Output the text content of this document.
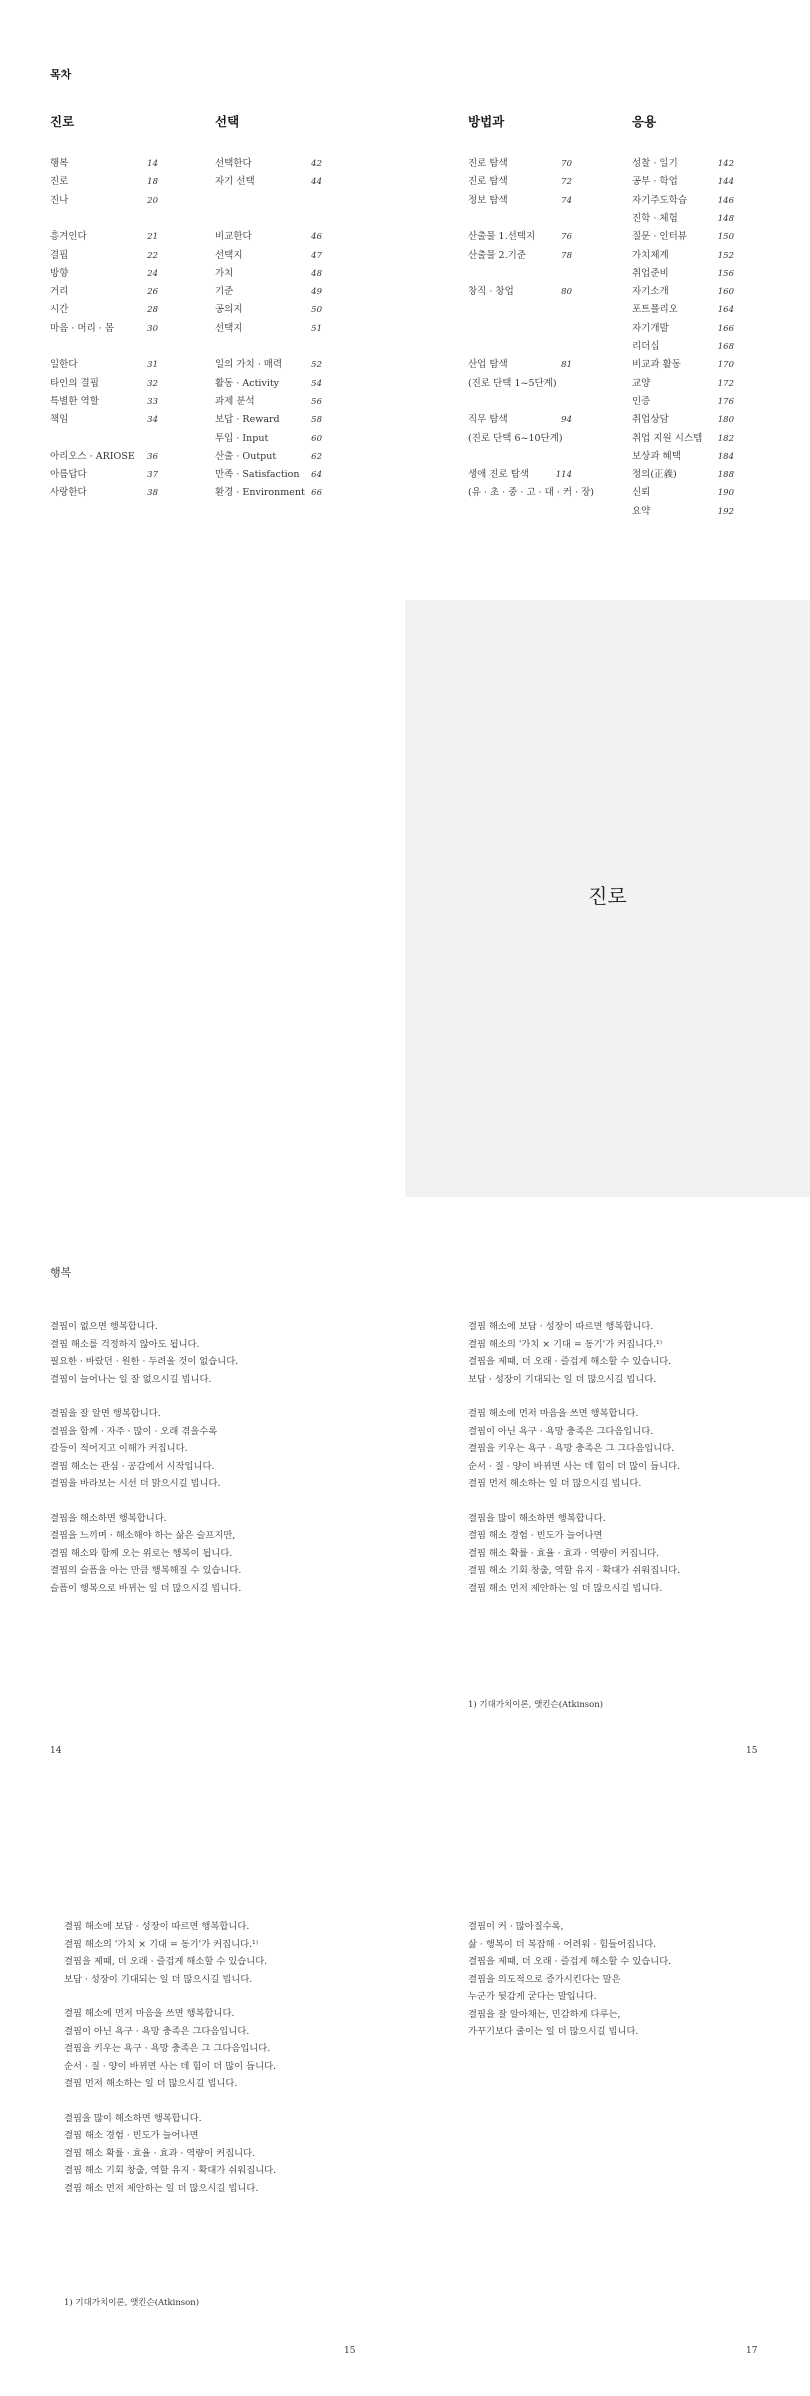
목차
진로
행복	14
진로	18
진나	20
흥겨인다	21
결핍	22
방향	24
거리	26
시간	28
마음 · 머리 · 몸	30
일한다	31
타인의 결핍	32
특별한 역할	33
책임	34
아리오스 · ARIOSE	36
아름답다	37
사랑한다	38
선택
선택한다	42
자기 선택	44
비교한다	46
선택지	47
가치	48
기준	49
공의지	50
선택지	51
일의 가치 · 매력	52
활동 · Activity	54
과제 분석	56
보답 · Reward	58
투입 · Input	60
산출 · Output	62
만족 · Satisfaction	64
환경 · Environment 66
방법과
진로 탐색	70
진로 탐색	72
정보 탐색	74
산출물 1.선택지	76
산출물 2.기준	78
창직 · 창업	80
산업 탐색	81
(진로 단택 1~5단계)
직무 탐색	94
(진로 단택 6~10단계)
생애 진로 탐색	114
(유 · 초 · 중 · 고 · 대 · 커 · 장)
응용
성찰 · 일기	142
공부 · 학업	144
자기주도학습	146
진학 · 체험	148
질문 · 인터뷰	150
가치체계	152
취업준비	156
자기소개	160
포트폴리오	164
자기개발	166
리더십	168
비교과 활동	170
교양	172
인증	176
취업상담	180
취업 지원 시스템	182
보상과 혜택	184
정의(正義)	188
신뢰	190
요약	192
진로
행복
결핍이 없으면 행복합니다.
결핍 해소를 걱정하지 않아도 됩니다.
필요한 · 바랐던 · 원한 · 두려울 것이 없습니다.
결핍이 늘어나는 일 잘 없으시길 빕니다.
결핍을 잘 알면 행복합니다.
결핍을 함께 · 자주 · 많이 · 오래 겪을수록
갈등이 적어지고 이해가 커집니다.
결핍 해소는 관심 · 공감에서 시작입니다.
결핍을 바라보는 시선 더 맑으시길 빕니다.
결핍을 해소하면 행복합니다.
결핍을 느끼며 · 해소해야 하는 삶은 슬프지만,
결핍 해소와 함께 오는 위로는 행복이 됩니다.
결핍의 슬픔을 아는 만큼 행복해질 수 있습니다.
슬픔이 행복으로 바뀌는 일 더 많으시길 빕니다.
14
결핍 해소에 보답 · 성장이 따르면 행복합니다.
결핍 해소의 '가치 × 기대 = 동기'가 커집니다.¹⁾
결핍을 제때, 더 오래 · 즐겁게 해소할 수 있습니다.
보답 · 성장이 기대되는 일 더 많으시길 빕니다.
결핍 해소에 먼저 마음을 쓰면 행복합니다.
결핍이 아닌 욕구 · 욕망 충족은 그다음입니다.
결핍을 키우는 욕구 · 욕망 충족은 그 그다음입니다.
순서 · 질 · 양이 바뀌면 사는 데 힘이 더 많이 듭니다.
결핍 먼저 해소하는 일 더 많으시길 빕니다.
결핍을 많이 해소하면 행복합니다.
결핍 해소 경험 · 빈도가 늘어나면
결핍 해소 확률 · 효율 · 효과 · 역량이 커집니다.
결핍 해소 기회 창출, 역할 유지 · 확대가 쉬워집니다.
결핍 해소 먼저 제안하는 일 더 많으시길 빕니다.
1) 기대가치이론, 앳킨슨(Atkinson)
15
결핍 해소에 보답 · 성장이 따르면 행복합니다.
결핍 해소의 '가치 × 기대 = 동기'가 커집니다.¹⁾
결핍을 제때, 더 오래 · 즐겁게 해소할 수 있습니다.
보답 · 성장이 기대되는 일 더 많으시길 빕니다.
결핍 해소에 먼저 마음을 쓰면 행복합니다.
결핍이 아닌 욕구 · 욕망 충족은 그다음입니다.
결핍을 키우는 욕구 · 욕망 충족은 그 그다음입니다.
순서 · 질 · 양이 바뀌면 사는 데 힘이 더 많이 듭니다.
결핍 먼저 해소하는 일 더 많으시길 빕니다.
결핍을 많이 해소하면 행복합니다.
결핍 해소 경험 · 빈도가 늘어나면
결핍 해소 확률 · 효율 · 효과 · 역량이 커집니다.
결핍 해소 기회 창출, 역할 유지 · 확대가 쉬워집니다.
결핍 해소 먼저 제안하는 일 더 많으시길 빕니다.
1) 기대가치이론, 앳킨슨(Atkinson)
15
결핍이 커 · 많아질수록,
삶 · 행복이 더 복잡해 · 어려워 · 힘들어집니다.
결핍을 제때, 더 오래 · 즐겁게 해소할 수 있습니다.
결핍을 의도적으로 증가시킨다는 말은
누군가 뒷감게 굳다는 말입니다.
결핍을 잘 알아채는, 민감하게 다루는,
가꾸기보다 줄이는 일 더 많으시길 빕니다.
17
